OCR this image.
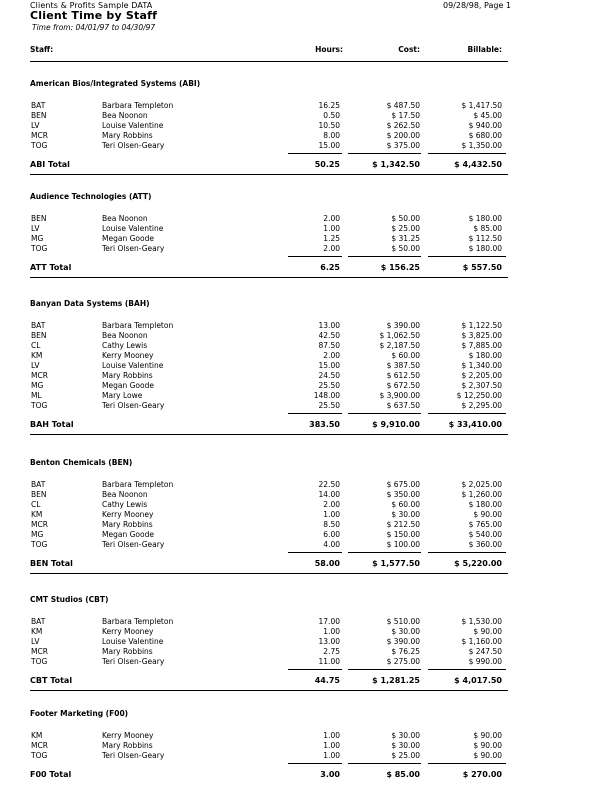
Clients & Profits Sample DATA	09/28/98, Page 1
Client Time by Staff
Time from: 04/01/97 to 04/30/97
Staff:	Hours:	Cost:	Billable:
American Bios/Integrated Systems (ABI)
BAT	Barbara Templeton	16.25	$ 487.50	$ 1,417.50
BEN	Bea Noonon	0.50	$ 17.50	$ 45.00
LV	Louise Valentine	10.50	$ 262.50	$ 940.00
MCR	Mary Robbins	8.00	$ 200.00	$ 680.00
TOG	Teri Olsen-Geary	15.00	$ 375.00	$ 1,350.00
ABI Total	50.25	$ 1,342.50	$ 4,432.50
Audience Technologies (ATT)
BEN	Bea Noonon	2.00	$ 50.00	$ 180.00
LV	Louise Valentine	1.00	$ 25.00	$ 85.00
MG	Megan Goode	1.25	$ 31.25	$ 112.50
TOG	Teri Olsen-Geary	2.00	$ 50.00	$ 180.00
ATT Total	6.25	$ 156.25	$ 557.50
Banyan Data Systems (BAH)
BAT	Barbara Templeton	13.00	$ 390.00	$ 1,122.50
BEN	Bea Noonon	42.50	$ 1,062.50	$ 3,825.00
CL	Cathy Lewis	87.50	$ 2,187.50	$ 7,885.00
KM	Kerry Mooney	2.00	$ 60.00	$ 180.00
LV	Louise Valentine	15.00	$ 387.50	$ 1,340.00
MCR	Mary Robbins	24.50	$ 612.50	$ 2,205.00
MG	Megan Goode	25.50	$ 672.50	$ 2,307.50
ML	Mary Lowe	148.00	$ 3,900.00	$ 12,250.00
TOG	Teri Olsen-Geary	25.50	$ 637.50	$ 2,295.00
BAH Total	383.50	$ 9,910.00	$ 33,410.00
Benton Chemicals (BEN)
BAT	Barbara Templeton	22.50	$ 675.00	$ 2,025.00
BEN	Bea Noonon	14.00	$ 350.00	$ 1,260.00
CL	Cathy Lewis	2.00	$ 60.00	$ 180.00
KM	Kerry Mooney	1.00	$ 30.00	$ 90.00
MCR	Mary Robbins	8.50	$ 212.50	$ 765.00
MG	Megan Goode	6.00	$ 150.00	$ 540.00
TOG	Teri Olsen-Geary	4.00	$ 100.00	$ 360.00
BEN Total	58.00	$ 1,577.50	$ 5,220.00
CMT Studios (CBT)
BAT	Barbara Templeton	17.00	$ 510.00	$ 1,530.00
KM	Kerry Mooney	1.00	$ 30.00	$ 90.00
LV	Louise Valentine	13.00	$ 390.00	$ 1,160.00
MCR	Mary Robbins	2.75	$ 76.25	$ 247.50
TOG	Teri Olsen-Geary	11.00	$ 275.00	$ 990.00
CBT Total	44.75	$ 1,281.25	$ 4,017.50
Footer Marketing (F00)
KM	Kerry Mooney	1.00	$ 30.00	$ 90.00
MCR	Mary Robbins	1.00	$ 30.00	$ 90.00
TOG	Teri Olsen-Geary	1.00	$ 25.00	$ 90.00
F00 Total	3.00	$ 85.00	$ 270.00
